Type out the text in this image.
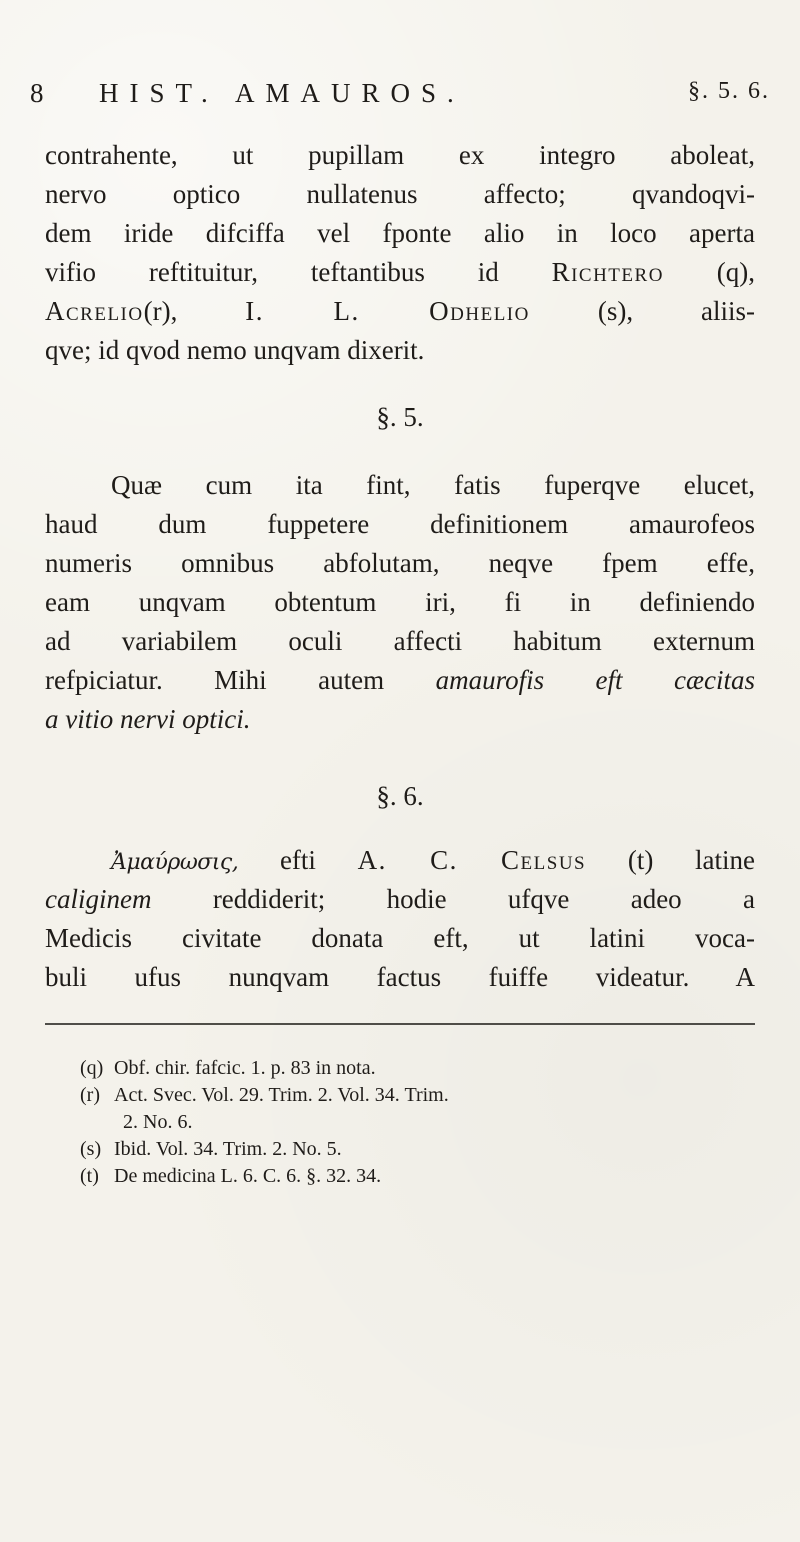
8 HIST. AMAUROS.	§. 5. 6.

contrahente, ut pupillam ex integro aboleat,

nervo optico nullatenus affecto; qvandoqvi-

dem iride difciffa vel fponte alio in loco aperta

vifio reftituitur, teftantibus id Richtero (q),

Acrelio(r), I. L. Odhelio	(s), aliis-

qve; id qvod nemo unqvam dixerit.

§. 5.

Quæ cum ita fint, fatis fuperqve elucet,

haud dum fuppetere definitionem amaurofeos

numeris omnibus abfolutam, neqve fpem effe,

eam unqvam obtentum iri, fi in definiendo

ad variabilem oculi affecti habitum externum

refpiciatur. Mihi autem amaurofis eft cæcitas

a vitio nervi optici.

§. 6.

Ἀμαύρωσις, efti A. C. Celsus (t) latine

caliginem reddiderit; hodie ufqve adeo a

Medicis civitate donata eft, ut latini voca-

buli ufus nunqvam factus fuiffe videatur. A

(q) Obf. chir. fafcic. 1. p. 83 in nota.
(r) Act. Svec. Vol. 29. Trim. 2. Vol. 34. Trim.
2. No. 6.
(s) Ibid. Vol. 34. Trim. 2. No. 5.
(t) De medicina L. 6. C. 6. §. 32. 34.
